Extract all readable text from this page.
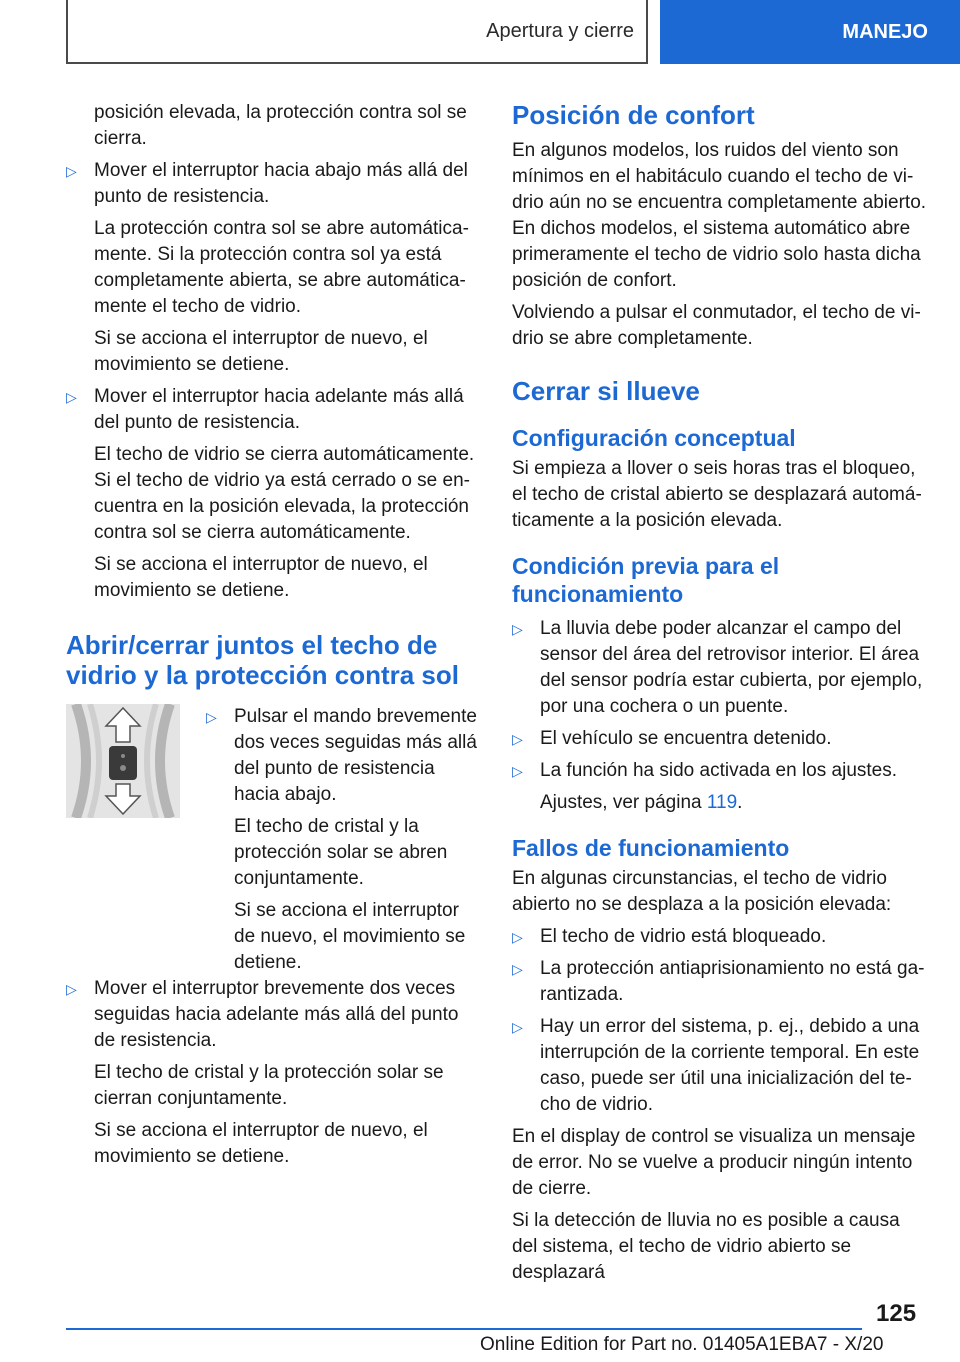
Apertura y cierre	MANEJO

posición elevada, la protección contra sol se cierra.

▷ Mover el interruptor hacia abajo más allá del punto de resistencia.

La protección contra sol se abre automáticamente. Si la protección contra sol ya está completamente abierta, se abre automáticamente el techo de vidrio.

Si se acciona el interruptor de nuevo, el movimiento se detiene.

▷ Mover el interruptor hacia adelante más allá del punto de resistencia.

El techo de vidrio se cierra automáticamente. Si el techo de vidrio ya está cerrado o se encuentra en la posición elevada, la protección contra sol se cierra automáticamente.

Si se acciona el interruptor de nuevo, el movimiento se detiene.

Abrir/cerrar juntos el techo de vidrio y la protección contra sol
▷ Pulsar el mando brevemente dos veces seguidas más allá del punto de resistencia hacia abajo.

El techo de cristal y la protección solar se abren conjuntamente.

Si se acciona el interruptor de nuevo, el movimiento se detiene.

▷ Mover el interruptor brevemente dos veces seguidas hacia adelante más allá del punto de resistencia.

El techo de cristal y la protección solar se cierran conjuntamente.

Si se acciona el interruptor de nuevo, el movimiento se detiene.

Posición de confort

En algunos modelos, los ruidos del viento son mínimos en el habitáculo cuando el techo de vidrio aún no se encuentra completamente abierto. En dichos modelos, el sistema automático abre primeramente el techo de vidrio solo hasta dicha posición de confort.

Volviendo a pulsar el conmutador, el techo de vidrio se abre completamente.

Cerrar si llueve
Configuración conceptual

Si empieza a llover o seis horas tras el bloqueo, el techo de cristal abierto se desplazará automáticamente a la posición elevada.

Condición previa para el funcionamiento
▷ La lluvia debe poder alcanzar el campo del sensor del área del retrovisor interior. El área del sensor podría estar cubierta, por ejemplo, por una cochera o un puente.
▷ El vehículo se encuentra detenido.
▷ La función ha sido activada en los ajustes.

Ajustes, ver página 119.

Fallos de funcionamiento

En algunas circunstancias, el techo de vidrio abierto no se desplaza a la posición elevada:

▷ El techo de vidrio está bloqueado.
▷ La protección antiaprisionamiento no está garantizada.
▷ Hay un error del sistema, p. ej., debido a una interrupción de la corriente temporal. En este caso, puede ser útil una inicialización del techo de vidrio.

En el display de control se visualiza un mensaje de error. No se vuelve a producir ningún intento de cierre.

Si la detección de lluvia no es posible a causa del sistema, el techo de vidrio abierto se desplazará

125
Online Edition for Part no. 01405A1EBA7 - X/20
